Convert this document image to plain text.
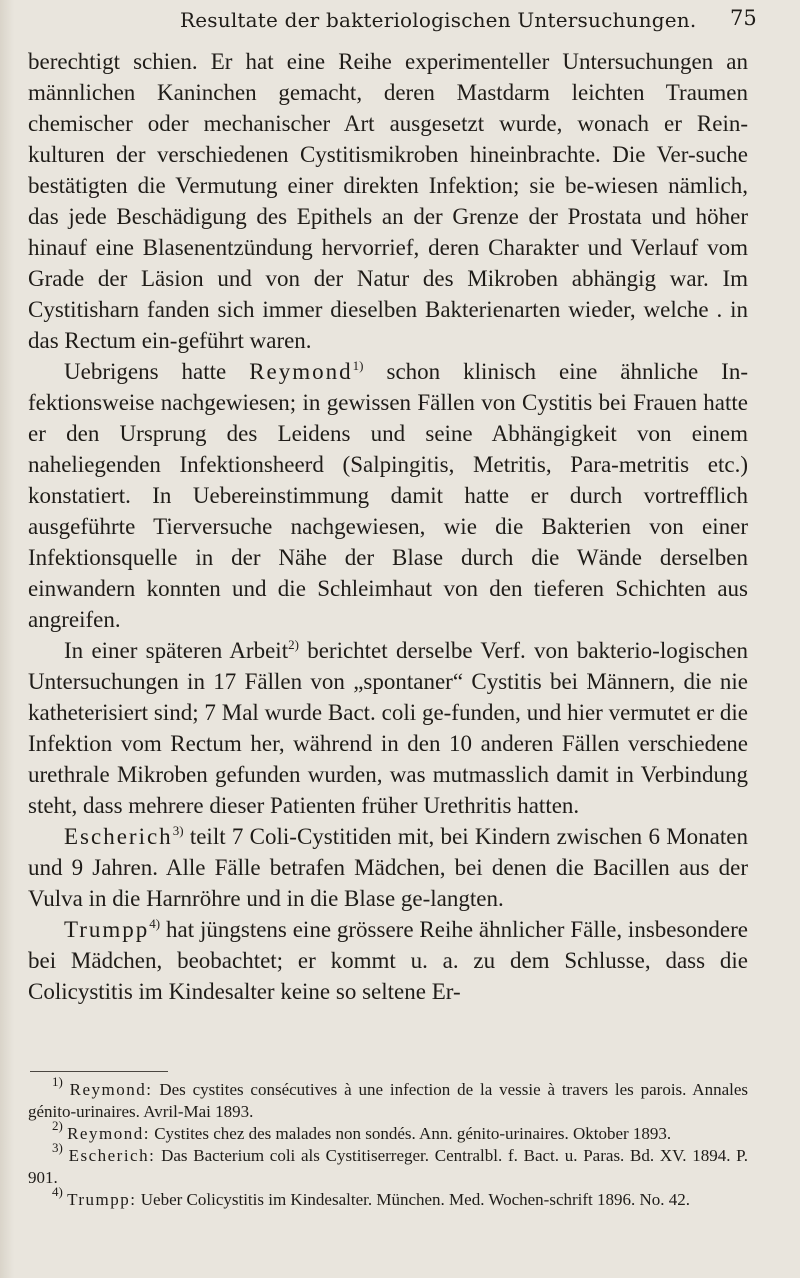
Resultate der bakteriologischen Untersuchungen. 75

berechtigt schien. Er hat eine Reihe experimenteller Untersuchungen an männlichen Kaninchen gemacht, deren Mastdarm leichten Traumen chemischer oder mechanischer Art ausgesetzt wurde, wonach er Rein-kulturen der verschiedenen Cystitismikroben hineinbrachte. Die Ver-suche bestätigten die Vermutung einer direkten Infektion; sie be-wiesen nämlich, das jede Beschädigung des Epithels an der Grenze der Prostata und höher hinauf eine Blasenentzündung hervorrief, deren Charakter und Verlauf vom Grade der Läsion und von der Natur des Mikroben abhängig war. Im Cystitisharn fanden sich immer dieselben Bakterienarten wieder, welche . in das Rectum ein-geführt waren.

Uebrigens hatte Reymond$^{1)}$ schon klinisch eine ähnliche In-fektionsweise nachgewiesen; in gewissen Fällen von Cystitis bei Frauen hatte er den Ursprung des Leidens und seine Abhängigkeit von einem naheliegenden Infektionsheerd (Salpingitis, Metritis, Para-metritis etc.) konstatiert. In Uebereinstimmung damit hatte er durch vortrefflich ausgeführte Tierversuche nachgewiesen, wie die Bakterien von einer Infektionsquelle in der Nähe der Blase durch die Wände derselben einwandern konnten und die Schleimhaut von den tieferen Schichten aus angreifen.

In einer späteren Arbeit$^{2)}$ berichtet derselbe Verf. von bakterio-logischen Untersuchungen in 17 Fällen von „spontaner“ Cystitis bei Männern, die nie katheterisiert sind; 7 Mal wurde Bact. coli ge-funden, und hier vermutet er die Infektion vom Rectum her, während in den 10 anderen Fällen verschiedene urethrale Mikroben gefunden wurden, was mutmasslich damit in Verbindung steht, dass mehrere dieser Patienten früher Urethritis hatten.

Escherich$^{3)}$ teilt 7 Coli-Cystitiden mit, bei Kindern zwischen 6 Monaten und 9 Jahren. Alle Fälle betrafen Mädchen, bei denen die Bacillen aus der Vulva in die Harnröhre und in die Blase ge-langten.

Trumpp$^{4)}$ hat jüngstens eine grössere Reihe ähnlicher Fälle, insbesondere bei Mädchen, beobachtet; er kommt u. a. zu dem Schlusse, dass die Colicystitis im Kindesalter keine so seltene Er-

$^{1)}$ Reymond: Des cystites consécutives à une infection de la vessie à travers les parois. Annales génito-urinaires. Avril-Mai 1893.

$^{2)}$ Reymond: Cystites chez des malades non sondés. Ann. génito-urinaires. Oktober 1893.

$^{3)}$ Escherich: Das Bacterium coli als Cystitiserreger. Centralbl. f. Bact. u. Paras. Bd. XV. 1894. P. 901.

$^{4)}$ Trumpp: Ueber Colicystitis im Kindesalter. München. Med. Wochen-schrift 1896. No. 42.
